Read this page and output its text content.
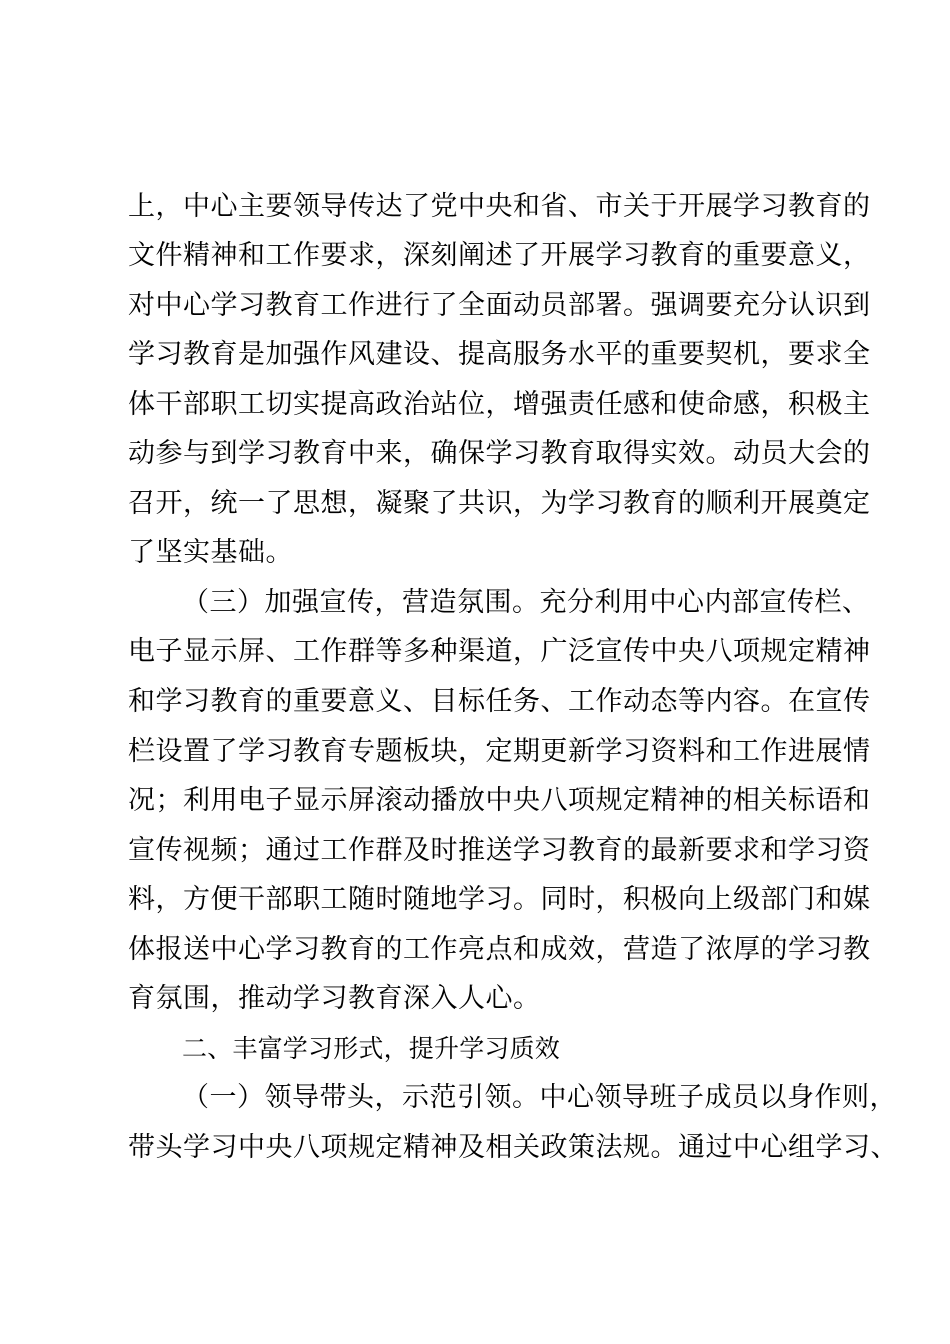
上，中心主要领导传达了党中央和省、市关于开展学习教育的
文件精神和工作要求，深刻阐述了开展学习教育的重要意义，
对中心学习教育工作进行了全面动员部署。强调要充分认识到
学习教育是加强作风建设、提高服务水平的重要契机，要求全
体干部职工切实提高政治站位，增强责任感和使命感，积极主
动参与到学习教育中来，确保学习教育取得实效。动员大会的
召开，统一了思想，凝聚了共识，为学习教育的顺利开展奠定
了坚实基础。
（三）加强宣传，营造氛围。充分利用中心内部宣传栏、
电子显示屏、工作群等多种渠道，广泛宣传中央八项规定精神
和学习教育的重要意义、目标任务、工作动态等内容。在宣传
栏设置了学习教育专题板块，定期更新学习资料和工作进展情
况；利用电子显示屏滚动播放中央八项规定精神的相关标语和
宣传视频；通过工作群及时推送学习教育的最新要求和学习资
料，方便干部职工随时随地学习。同时，积极向上级部门和媒
体报送中心学习教育的工作亮点和成效，营造了浓厚的学习教
育氛围，推动学习教育深入人心。
二、丰富学习形式，提升学习质效
（一）领导带头，示范引领。中心领导班子成员以身作则，
带头学习中央八项规定精神及相关政策法规。通过中心组学习、
